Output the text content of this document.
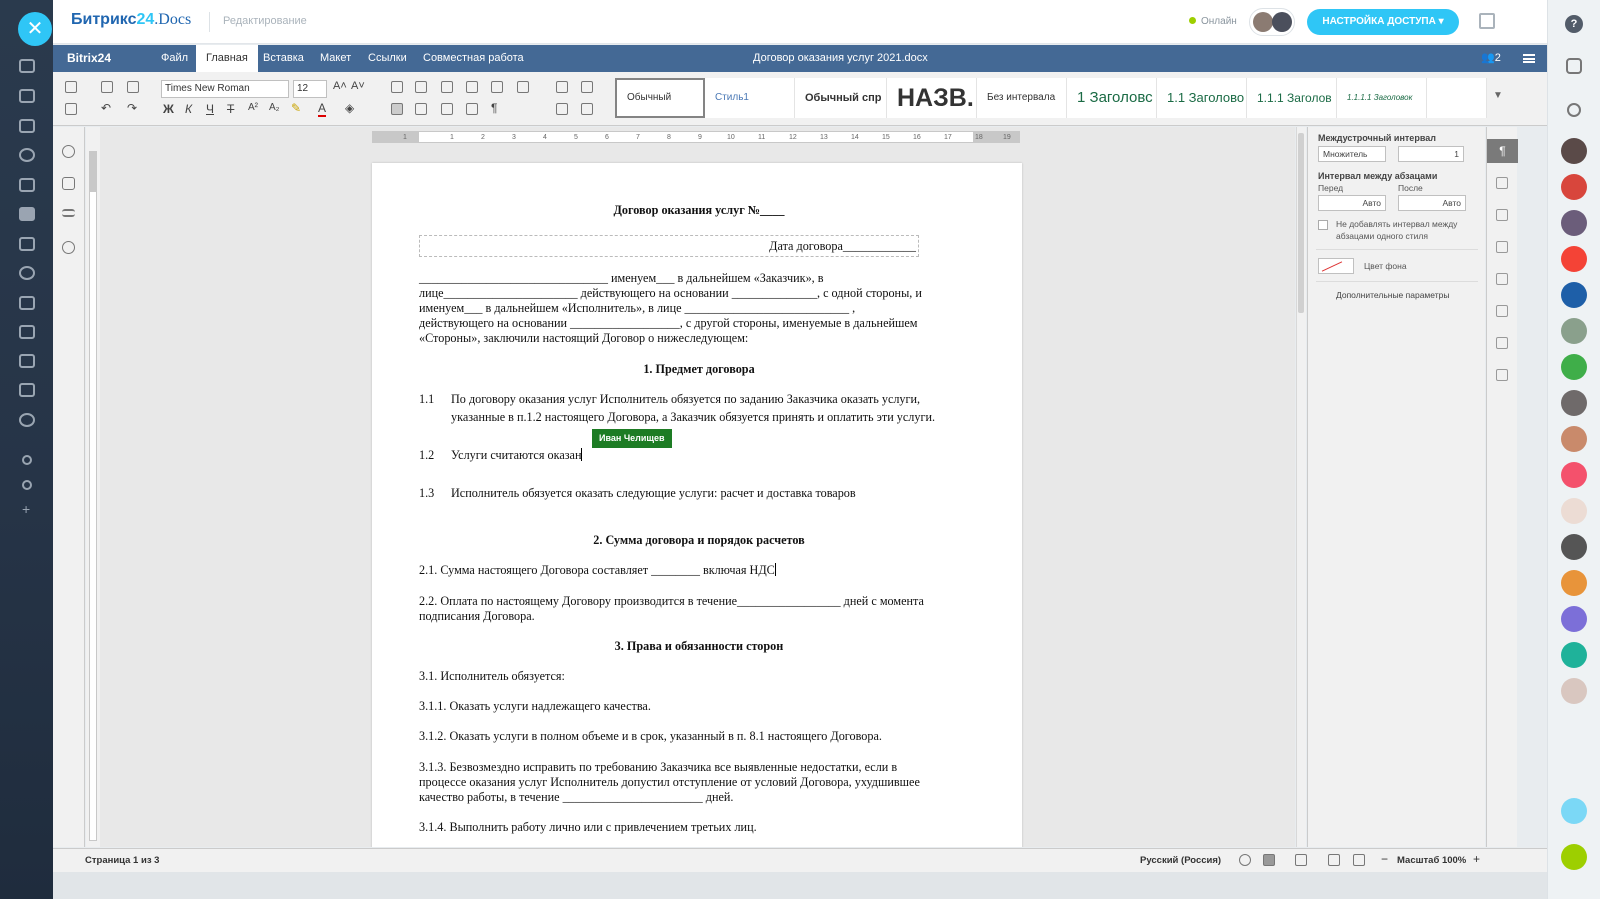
✕
+
Битрикс24.Docs	Редактирование	Онлайн	НАСТРОЙКА ДОСТУПА ▾	?
Bitrix24	Файл	Главная	Вставка	Макет	Ссылки	Совместная работа	Договор оказания услуг 2021.docx	👥2
↶ ↷
Times New Roman	12	A˄ A˅
Ж К Ч Т A² A₂ ✎ A ◈	¶
Обычный	Стиль1	Обычный спр НАЗВ.	Без интервала	1 Заголовс	1.1 Заголово	1.1.1 Заголов	1.1.1.1 Заголовок	▼
1	1	2	3	4	5	6	7	8	9	10	11	12	13	14	15	16	17	18	19
Договор оказания услуг №____
Дата договора____________
_______________________________ именуем___ в дальнейшем «Заказчик», в
лице______________________ действующего на основании ______________, с одной стороны, и
именуем___ в дальнейшем «Исполнитель», в лице ___________________________ ,
действующего на основании __________________, с другой стороны, именуемые в дальнейшем
«Стороны», заключили настоящий Договор о нижеследующем:
1. Предмет договора
1.1 По договору оказания услуг Исполнитель обязуется по заданию Заказчика оказать услуги,
указанные в п.1.2 настоящего Договора, а Заказчик обязуется принять и оплатить эти услуги.
Иван Челищев
1.2 Услуги считаются оказан
1.3 Исполнитель обязуется оказать следующие услуги: расчет и доставка товаров
2. Сумма договора и порядок расчетов
2.1. Сумма настоящего Договора составляет ________ включая НДС
2.2. Оплата по настоящему Договору производится в течение_________________ дней с момента
подписания Договора.
3. Права и обязанности сторон
3.1. Исполнитель обязуется:
3.1.1. Оказать услуги надлежащего качества.
3.1.2. Оказать услуги в полном объеме и в срок, указанный в п. 8.1 настоящего Договора.
3.1.3. Безвозмездно исправить по требованию Заказчика все выявленные недостатки, если в
процессе оказания услуг Исполнитель допустил отступление от условий Договора, ухудшившее
качество работы, в течение _______________________ дней.
3.1.4. Выполнить работу лично или с привлечением третьих лиц.
Междустрочный интервал
Множитель	1
Интервал между абзацами
Перед	После
Авто	Авто
Не добавлять интервал между
абзацами одного стиля
Цвет фона
Дополнительные параметры
¶
Страница 1 из 3	Русский (Россия)	− Масштаб 100% +
